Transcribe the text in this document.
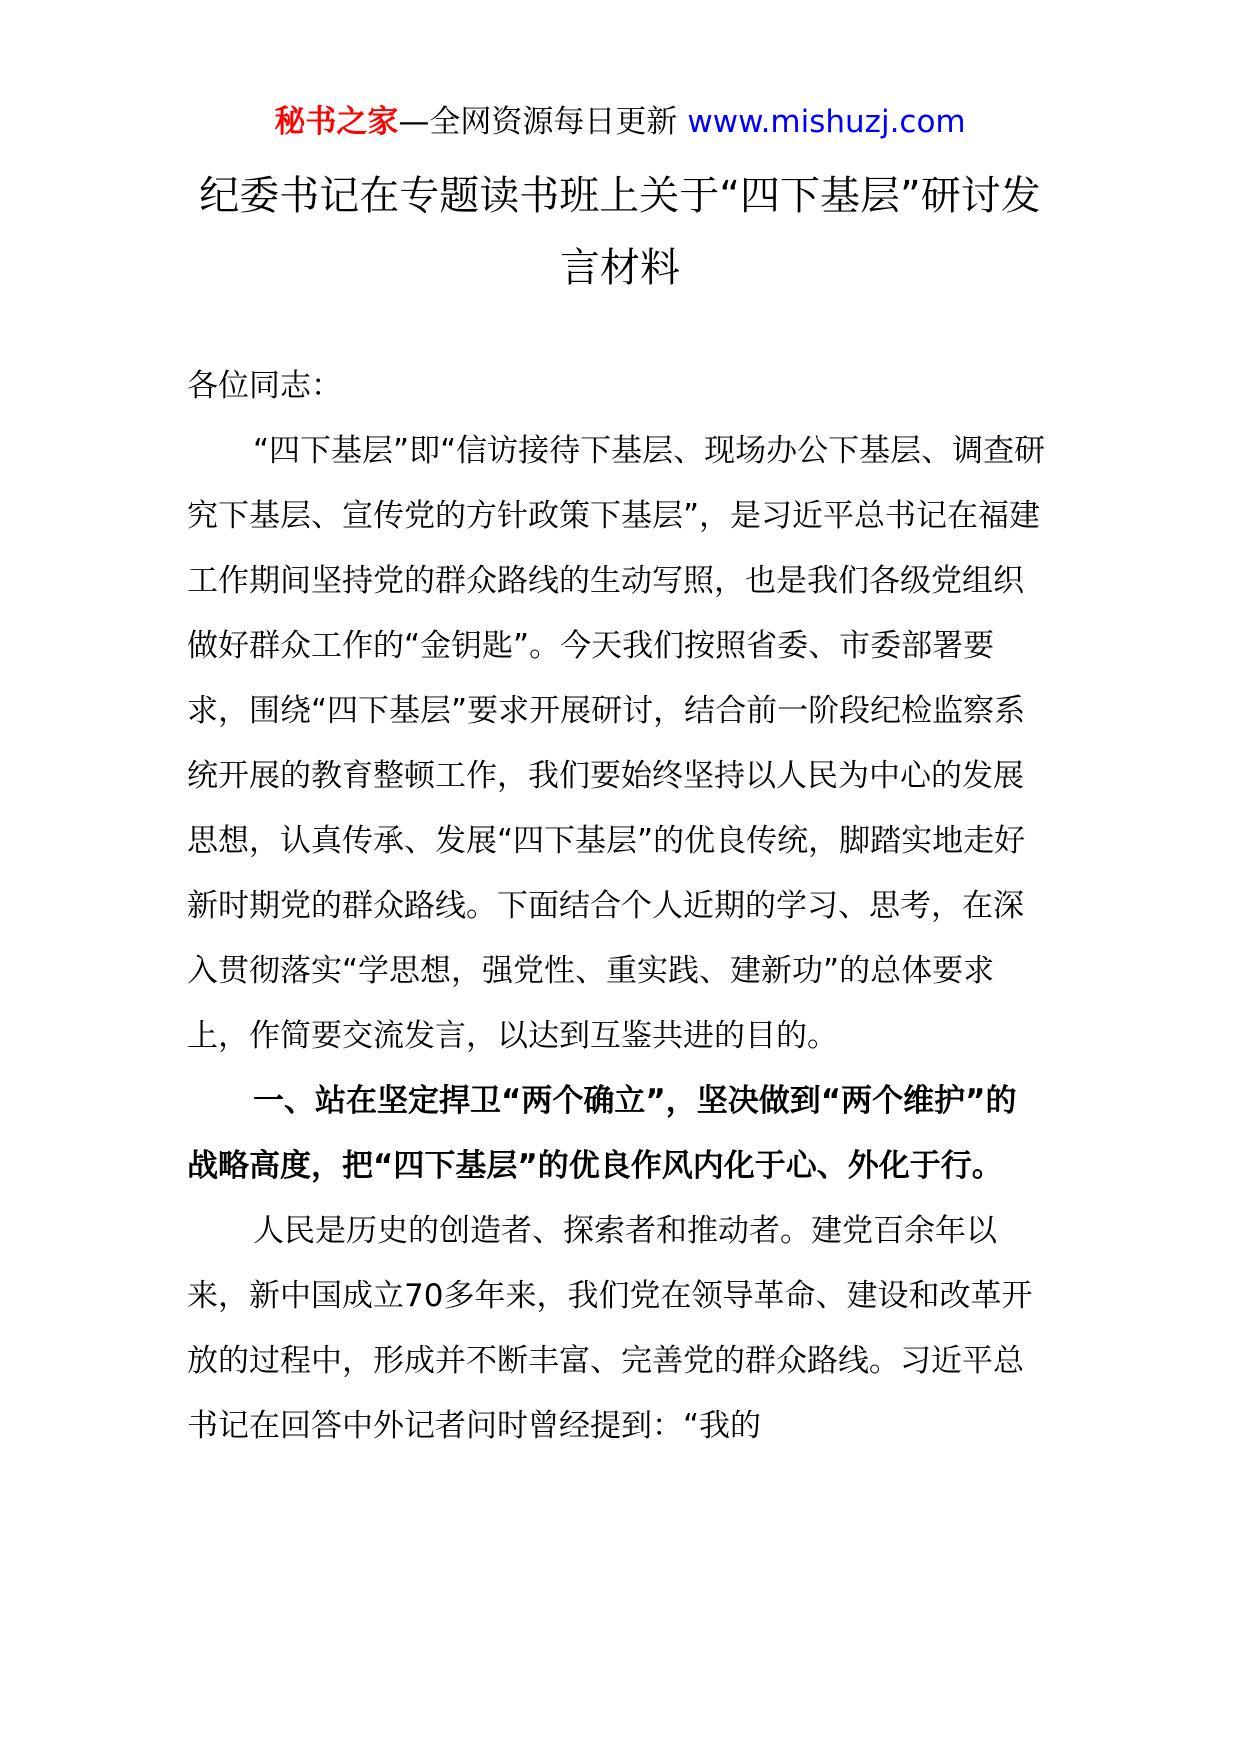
秘书之家—全网资源每日更新 www.mishuzj.com
纪委书记在专题读书班上关于“四下基层”研讨发言材料

各位同志：

“四下基层”即“信访接待下基层、现场办公下基层、调查研究下基层、宣传党的方针政策下基层”，是习近平总书记在福建工作期间坚持党的群众路线的生动写照，也是我们各级党组织做好群众工作的“金钥匙”。今天我们按照省委、市委部署要求，围绕“四下基层”要求开展研讨，结合前一阶段纪检监察系统开展的教育整顿工作，我们要始终坚持以人民为中心的发展思想，认真传承、发展“四下基层”的优良传统，脚踏实地走好新时期党的群众路线。下面结合个人近期的学习、思考，在深入贯彻落实“学思想，强党性、重实践、建新功”的总体要求上，作简要交流发言，以达到互鉴共进的目的。

一、站在坚定捍卫“两个确立”，坚决做到“两个维护”的战略高度，把“四下基层”的优良作风内化于心、外化于行。

人民是历史的创造者、探索者和推动者。建党百余年以来，新中国成立70多年来，我们党在领导革命、建设和改革开放的过程中，形成并不断丰富、完善党的群众路线。习近平总书记在回答中外记者问时曾经提到：“我的
